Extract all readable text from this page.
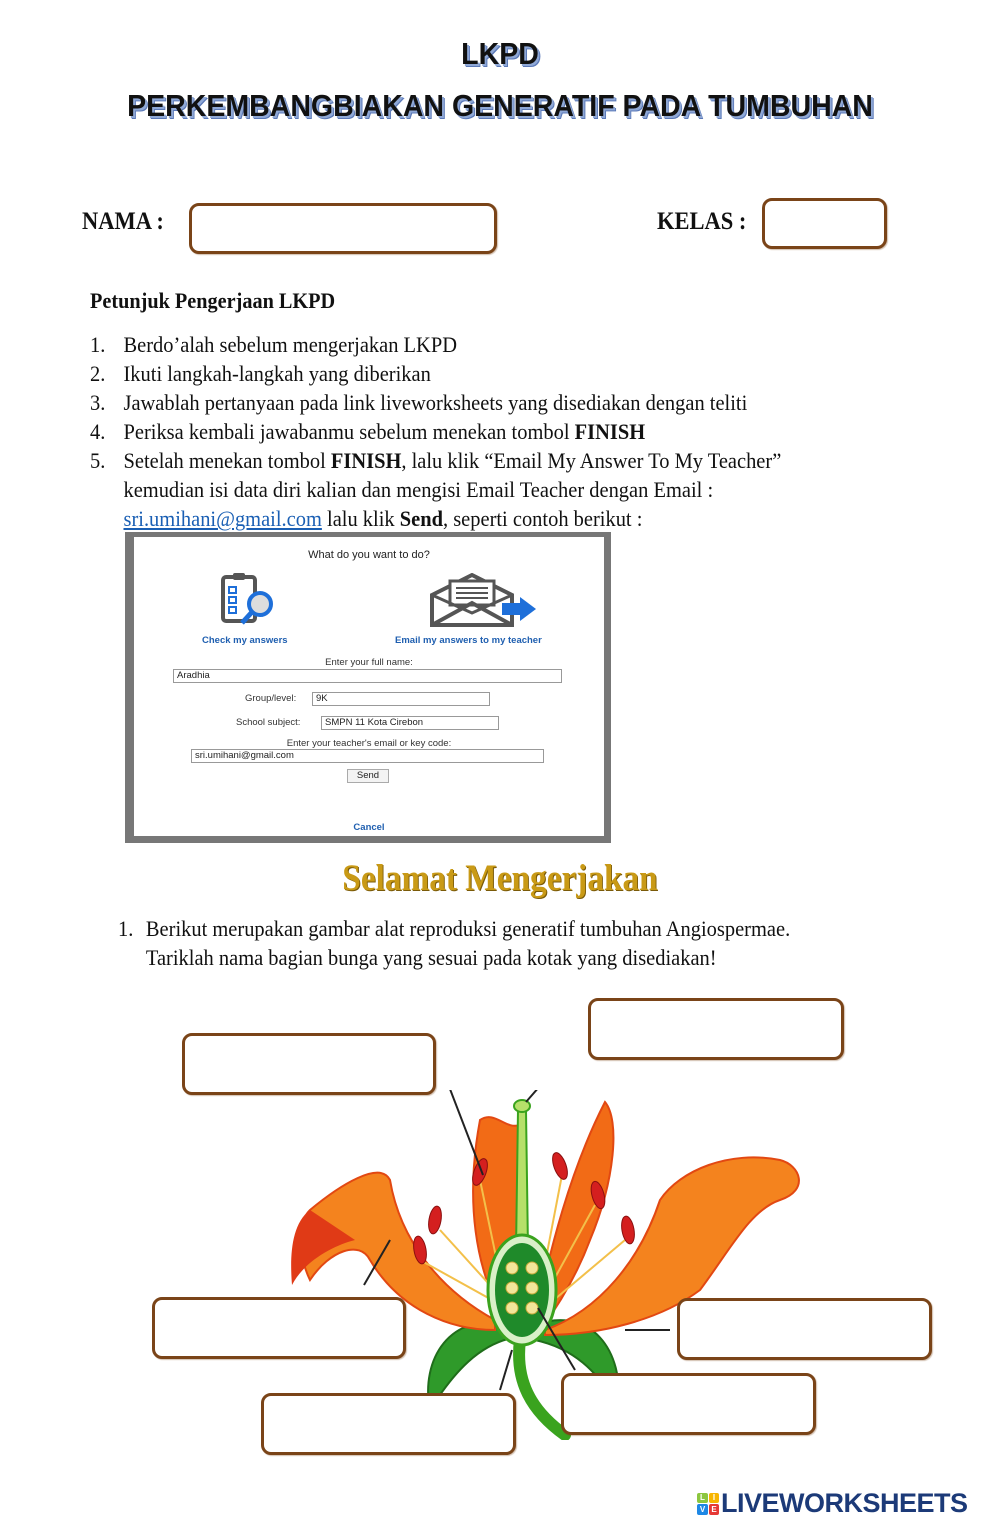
LKPD
PERKEMBANGBIAKAN GENERATIF PADA TUMBUHAN
NAMA :	KELAS :
Petunjuk Pengerjaan LKPD
1. Berdo’alah sebelum mengerjakan LKPD
2. Ikuti langkah-langkah yang diberikan
3. Jawablah pertanyaan pada link liveworksheets yang disediakan dengan teliti
4. Periksa kembali jawabanmu sebelum menekan tombol FINISH
5. Setelah menekan tombol FINISH, lalu klik “Email My Answer To My Teacher”
kemudian isi data diri kalian dan mengisi Email Teacher dengan Email :
sri.umihani@gmail.com lalu klik Send, seperti contoh berikut :
What do you want to do?
Check my answers	Email my answers to my teacher
Enter your full name:
Aradhia
Group/level:	9K
School subject:	SMPN 11 Kota Cirebon
Enter your teacher's email or key code:
sri.umihani@gmail.com
Send
Cancel
Selamat Mengerjakan
1. Berikut merupakan gambar alat reproduksi generatif tumbuhan Angiospermae.
Tariklah nama bagian bunga yang sesuai pada kotak yang disediakan!
L	I
V E LIVEWORKSHEETS
